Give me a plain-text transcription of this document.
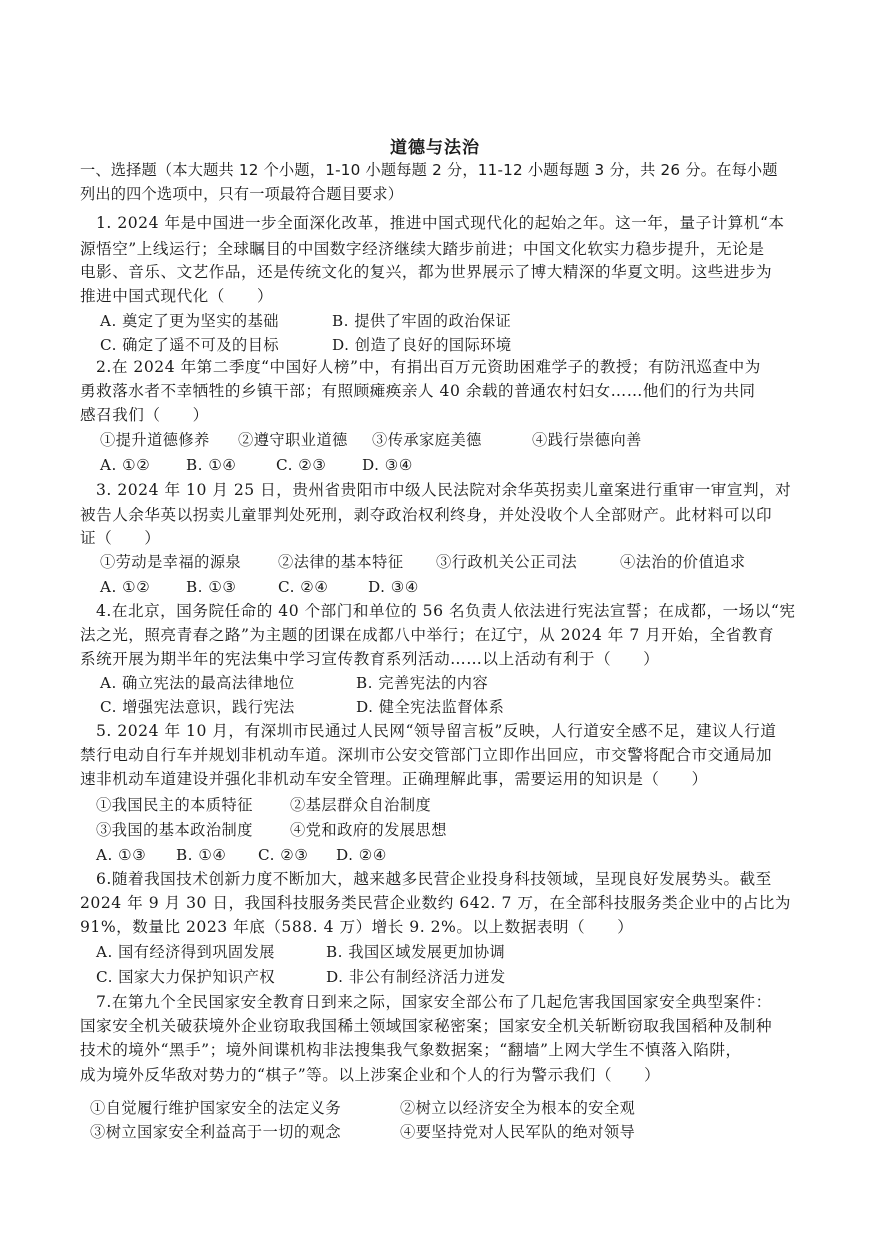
道德与法治
一、选择题（本大题共 12 个小题，1-10 小题每题 2 分，11-12 小题每题 3 分，共 26 分。在每小题
列出的四个选项中，只有一项最符合题目要求）
1. 2024 年是中国进一步全面深化改革，推进中国式现代化的起始之年。这一年，量子计算机“本
源悟空”上线运行；全球瞩目的中国数字经济继续大踏步前进；中国文化软实力稳步提升，无论是
电影、音乐、文艺作品，还是传统文化的复兴，都为世界展示了博大精深的华夏文明。这些进步为
推进中国式现代化（　　）
A. 奠定了更为坚实的基础	B. 提供了牢固的政治保证
C. 确定了遥不可及的目标	D. 创造了良好的国际环境
2.在 2024 年第二季度“中国好人榜”中，有捐出百万元资助困难学子的教授；有防汛巡查中为
勇救落水者不幸牺牲的乡镇干部；有照顾瘫痪亲人 40 余载的普通农村妇女……他们的行为共同
感召我们（　　）
①提升道德修养 ②遵守职业道德 ③传承家庭美德	④践行崇德向善
A. ①② B. ①④	C. ②③ D. ③④
3. 2024 年 10 月 25 日，贵州省贵阳市中级人民法院对余华英拐卖儿童案进行重审一审宣判，对
被告人余华英以拐卖儿童罪判处死刑，剥夺政治权利终身，并处没收个人全部财产。此材料可以印
证（　　）
①劳动是幸福的源泉 ②法律的基本特征 ③行政机关公正司法	④法治的价值追求
A. ①② B. ①③	C. ②④	D. ③④
4.在北京，国务院任命的 40 个部门和单位的 56 名负责人依法进行宪法宣誓；在成都，一场以“宪
法之光，照亮青春之路”为主题的团课在成都八中举行；在辽宁，从 2024 年 7 月开始，全省教育
系统开展为期半年的宪法集中学习宣传教育系列活动……以上活动有利于（　　）
A. 确立宪法的最高法律地位	B. 完善宪法的内容
C. 增强宪法意识，践行宪法	D. 健全宪法监督体系
5. 2024 年 10 月，有深圳市民通过人民网“领导留言板”反映，人行道安全感不足，建议人行道
禁行电动自行车并规划非机动车道。深圳市公安交管部门立即作出回应，市交警将配合市交通局加
速非机动车道建设并强化非机动车安全管理。正确理解此事，需要运用的知识是（　　）
①我国民主的本质特征 ②基层群众自治制度
③我国的基本政治制度 ④党和政府的发展思想
A. ①③ B. ①④ C. ②③ D. ②④
6.随着我国技术创新力度不断加大，越来越多民营企业投身科技领域，呈现良好发展势头。截至
2024 年 9 月 30 日，我国科技服务类民营企业数约 642. 7 万，在全部科技服务类企业中的占比为
91%，数量比 2023 年底（588. 4 万）增长 9. 2%。以上数据表明（　　）
A. 国有经济得到巩固发展	B. 我国区域发展更加协调
C. 国家大力保护知识产权	D. 非公有制经济活力迸发
7.在第九个全民国家安全教育日到来之际，国家安全部公布了几起危害我国国家安全典型案件：
国家安全机关破获境外企业窃取我国稀土领域国家秘密案；国家安全机关斩断窃取我国稻种及制种
技术的境外“黑手”；境外间谍机构非法搜集我气象数据案；“翻墙”上网大学生不慎落入陷阱，
成为境外反华敌对势力的“棋子”等。以上涉案企业和个人的行为警示我们（　　）
①自觉履行维护国家安全的法定义务	②树立以经济安全为根本的安全观
③树立国家安全利益高于一切的观念	④要坚持党对人民军队的绝对领导
